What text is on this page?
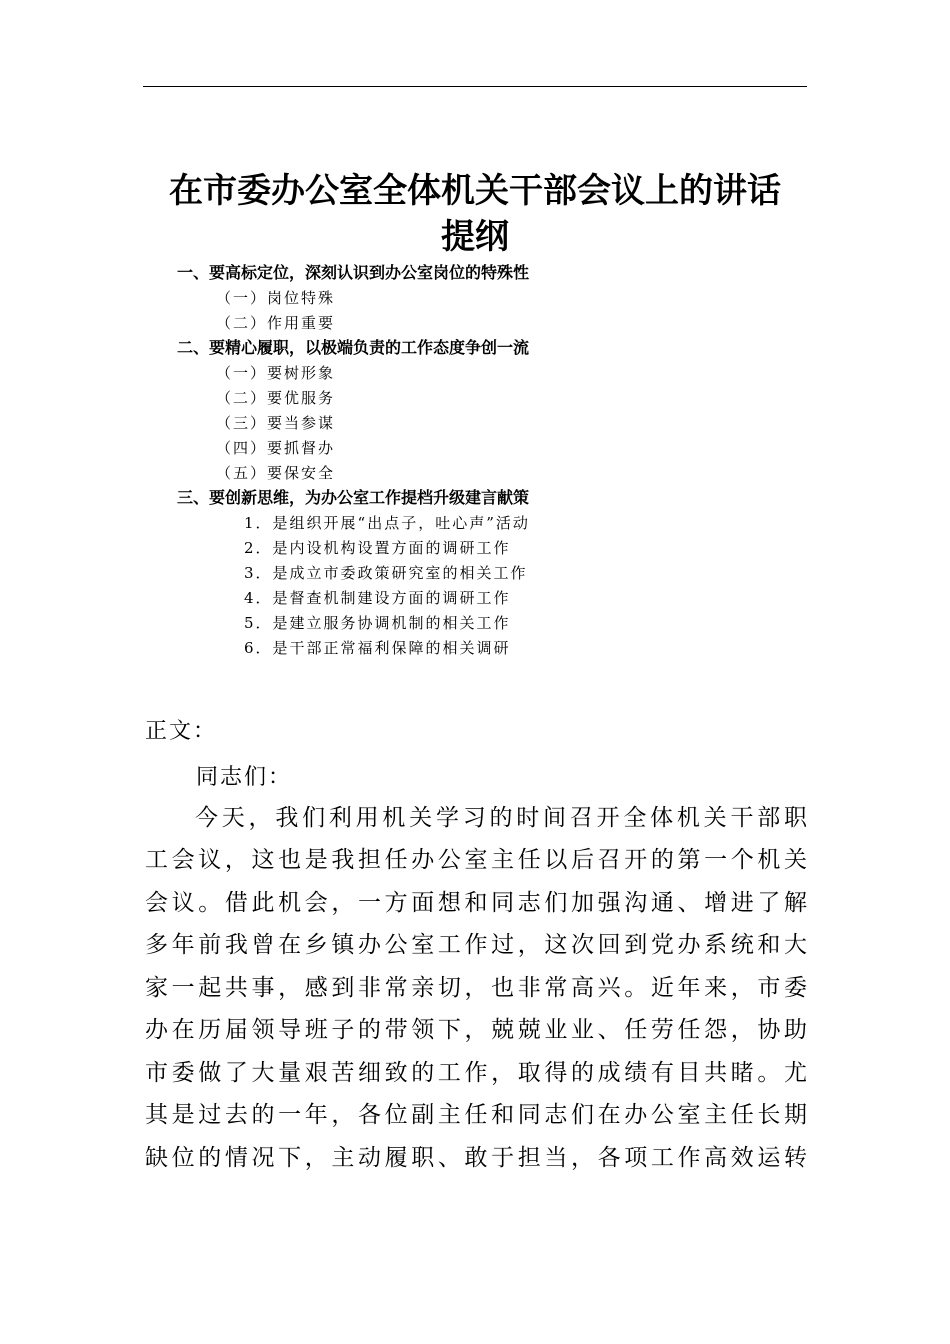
在市委办公室全体机关干部会议上的讲话
提纲
一、要高标定位，深刻认识到办公室岗位的特殊性
（一）岗位特殊
（二）作用重要
二、要精心履职，以极端负责的工作态度争创一流
（一）要树形象
（二）要优服务
（三）要当参谋
（四）要抓督办
（五）要保安全
三、要创新思维，为办公室工作提档升级建言献策
1．是组织开展“出点子，吐心声”活动
2．是内设机构设置方面的调研工作
3．是成立市委政策研究室的相关工作
4．是督查机制建设方面的调研工作
5．是建立服务协调机制的相关工作
6．是干部正常福利保障的相关调研
正文：
同志们：
今天，我们利用机关学习的时间召开全体机关干部职
工会议，这也是我担任办公室主任以后召开的第一个机关
会议。借此机会，一方面想和同志们加强沟通、增进了解
多年前我曾在乡镇办公室工作过，这次回到党办系统和大
家一起共事，感到非常亲切，也非常高兴。近年来，市委
办在历届领导班子的带领下，兢兢业业、任劳任怨，协助
市委做了大量艰苦细致的工作，取得的成绩有目共睹。尤
其是过去的一年，各位副主任和同志们在办公室主任长期
缺位的情况下，主动履职、敢于担当，各项工作高效运转
